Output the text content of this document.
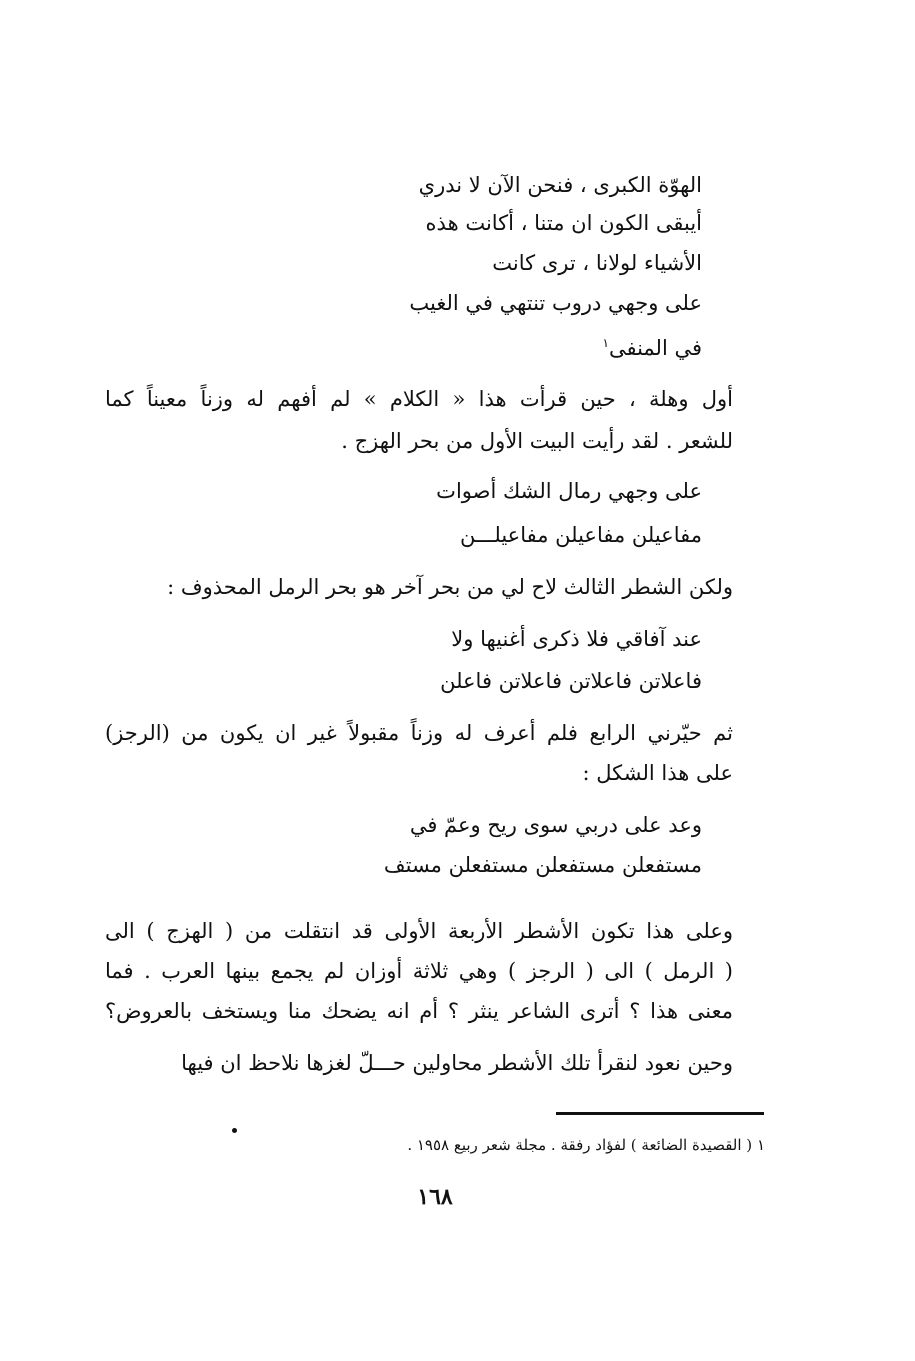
الهوّة الكبرى ، فنحن الآن لا ندري
أيبقى الكون ان متنا ، أكانت هذه
الأشياء لولانا ، ترى كانت
على وجهي دروب تنتهي في الغيب
في المنفى$^١$
أول وهلة ، حين قرأت هذا « الكلام » لم أفهم له وزناً معيناً كما
للشعر . لقد رأيت البيت الأول من بحر الهزج .
على وجهي رمال الشك أصوات
مفاعيلن مفاعيلن مفاعيلـــن
ولكن الشطر الثالث لاح لي من بحر آخر هو بحر الرمل المحذوف :
عند آفاقي فلا ذكرى أغنيها ولا
فاعلاتن فاعلاتن فاعلاتن فاعلن
ثم حيّرني الرابع فلم أعرف له وزناً مقبولاً غير ان يكون من (الرجز)
على هذا الشكل :
وعد على دربي سوى ريح وعمّ في
مستفعلن مستفعلن مستفعلن مستف
وعلى هذا تكون الأشطر الأربعة الأولى قد انتقلت من ( الهزج ) الى
( الرمل ) الى ( الرجز ) وهي ثلاثة أوزان لم يجمع بينها العرب . فما
معنى هذا ؟ أترى الشاعر ينثر ؟ أم انه يضحك منا ويستخف بالعروض؟
وحين نعود لنقرأ تلك الأشطر محاولين حـــلّ لغزها نلاحظ ان فيها
١ ( القصيدة الضائعة ) لفؤاد رفقة . مجلة شعر ربيع ١٩٥٨ .
١٦٨
